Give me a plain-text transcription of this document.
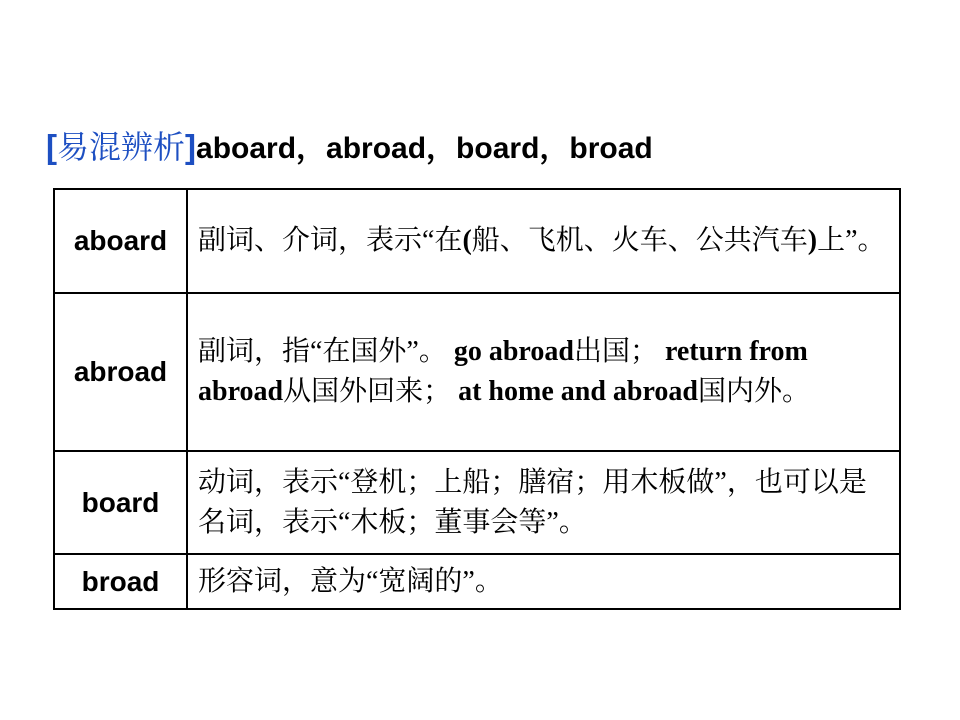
[易混辨析]aboard，abroad，board，broad
aboard	副词、介词，表示“在(船、飞机、火车、公共汽车)上”。
abroad	副词，指“在国外”。 go abroad出国； return from abroad从国外回来； at home and abroad国内外。
board	动词，表示“登机；上船；膳宿；用木板做”，也可以是名词，表示“木板；董事会等”。
broad	形容词，意为“宽阔的”。
